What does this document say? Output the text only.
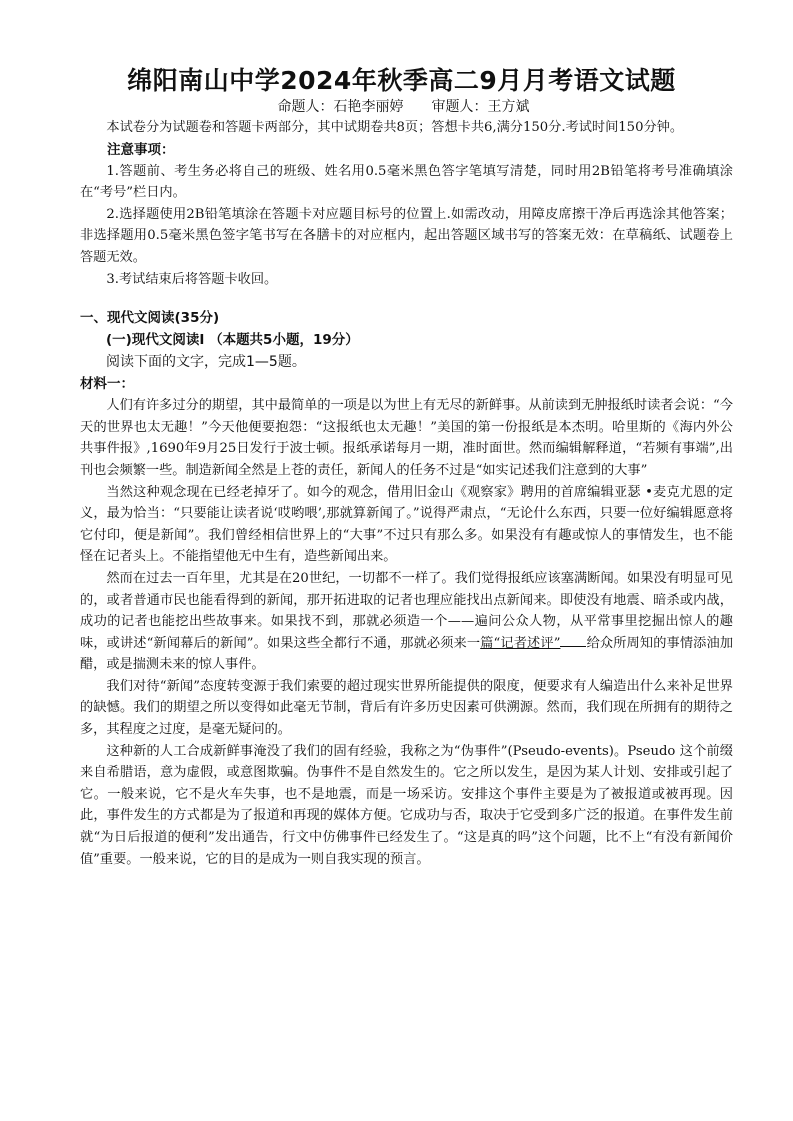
绵阳南山中学2024年秋季高二9月月考语文试题
命题人：石艳李丽婷 审题人：王方斌

本试卷分为试题卷和答题卡两部分，其中试期卷共8页；答想卡共6,满分150分.考试时间150分钟。

注意事项：

1.答题前、考生务必将自己的班级、姓名用0.5毫米黑色答字笔填写清楚，同时用2B铅笔将考号准确填涂在“考号”栏日内。

2.选择题使用2B铅笔填涂在答题卡对应题目标号的位置上.如需改动，用障皮席擦干净后再选涂其他答案；非选择题用0.5毫米黑色签字笔书写在各膳卡的对应框内，起出答题区域书写的答案无效：在草稿纸、试题卷上答题无效。

3.考试结束后将答题卡收回。

一、现代文阅读(35分)

(一)现代文阅读I （本题共5小题，19分）

阅读下面的文字，完成1—5题。

材料一：

人们有许多过分的期望，其中最简单的一项是以为世上有无尽的新鲜事。从前读到无肿报纸时读者会说：“今天的世界也太无趣！”今天他便要抱怨：“这报纸也太无趣！”美国的第一份报纸是本杰明。哈里斯的《海内外公共事件报》,1690年9月25日发行于波士顿。报纸承诺每月一期，准时面世。然而编辑解释道，“若频有事端”,出刊也会频繁一些。制造新闻全然是上苍的责任，新闻人的任务不过是“如实记述我们注意到的大事”

当然这种观念现在已经老掉牙了。如今的观念，借用旧金山《观察家》聘用的首席编辑亚瑟 •麦克尤恩的定义，最为恰当：“只要能让读者说‘哎哟喂’,那就算新闻了。”说得严肃点，“无论什么东西，只要一位好编辑愿意将它付印，便是新闻”。我们曾经相信世界上的“大事”不过只有那么多。如果没有有趣或惊人的事情发生，也不能怪在记者头上。不能指望他无中生有，造些新闻出来。

然而在过去一百年里，尤其是在20世纪，一切都不一样了。我们觉得报纸应该塞满断闻。如果没有明显可见的，或者普通市民也能看得到的新闻，那开拓进取的记者也理应能找出点新闻来。即使没有地震、暗杀或内战，成功的记者也能挖出些故事来。如果找不到，那就必须造一个——遍问公众人物，从平常事里挖掘出惊人的趣味，或讲述“新闻幕后的新闻”。如果这些全都行不通，那就必须来一篇“记者述评” 给众所周知的事情添油加醋，或是揣测未来的惊人事件。

我们对待“新闻”态度转变源于我们索要的超过现实世界所能提供的限度，便要求有人编造出什么来补足世界的缺憾。我们的期望之所以变得如此毫无节制，背后有许多历史因素可供溯源。然而，我们现在所拥有的期待之多，其程度之过度，是毫无疑问的。

这种新的人工合成新鲜事淹没了我们的固有经验，我称之为“伪事件”(Pseudo-events)。Pseudo 这个前缀来自希腊语，意为虚假，或意图欺骗。伪事件不是自然发生的。它之所以发生，是因为某人计划、安排或引起了它。一般来说，它不是火车失事，也不是地震，而是一场采访。安排这个事件主要是为了被报道或被再现。因此，事件发生的方式都是为了报道和再现的媒体方便。它成功与否，取决于它受到多广泛的报道。在事件发生前就“为日后报道的便利”发出通告，行文中仿佛事件已经发生了。“这是真的吗”这个问题，比不上“有没有新闻价值”重要。一般来说，它的目的是成为一则自我实现的预言。
